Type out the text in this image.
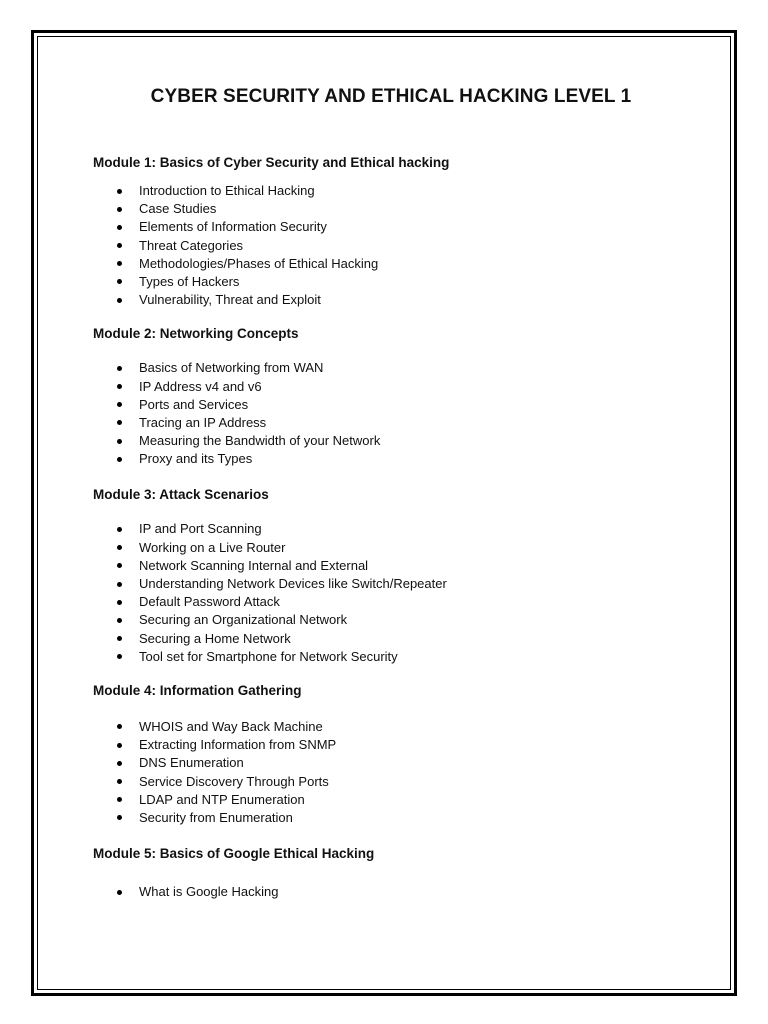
CYBER SECURITY AND ETHICAL HACKING LEVEL 1
Module 1: Basics of Cyber Security and Ethical hacking
Introduction to Ethical Hacking
Case Studies
Elements of Information Security
Threat Categories
Methodologies/Phases of Ethical Hacking
Types of Hackers
Vulnerability, Threat and Exploit
Module 2: Networking Concepts
Basics of Networking from WAN
IP Address v4 and v6
Ports and Services
Tracing an IP Address
Measuring the Bandwidth of your Network
Proxy and its Types
Module 3: Attack Scenarios
IP and Port Scanning
Working on a Live Router
Network Scanning Internal and External
Understanding Network Devices like Switch/Repeater
Default Password Attack
Securing an Organizational Network
Securing a Home Network
Tool set for Smartphone for Network Security
Module 4: Information Gathering
WHOIS and Way Back Machine
Extracting Information from SNMP
DNS Enumeration
Service Discovery Through Ports
LDAP and NTP Enumeration
Security from Enumeration
Module 5: Basics of Google Ethical Hacking
What is Google Hacking
